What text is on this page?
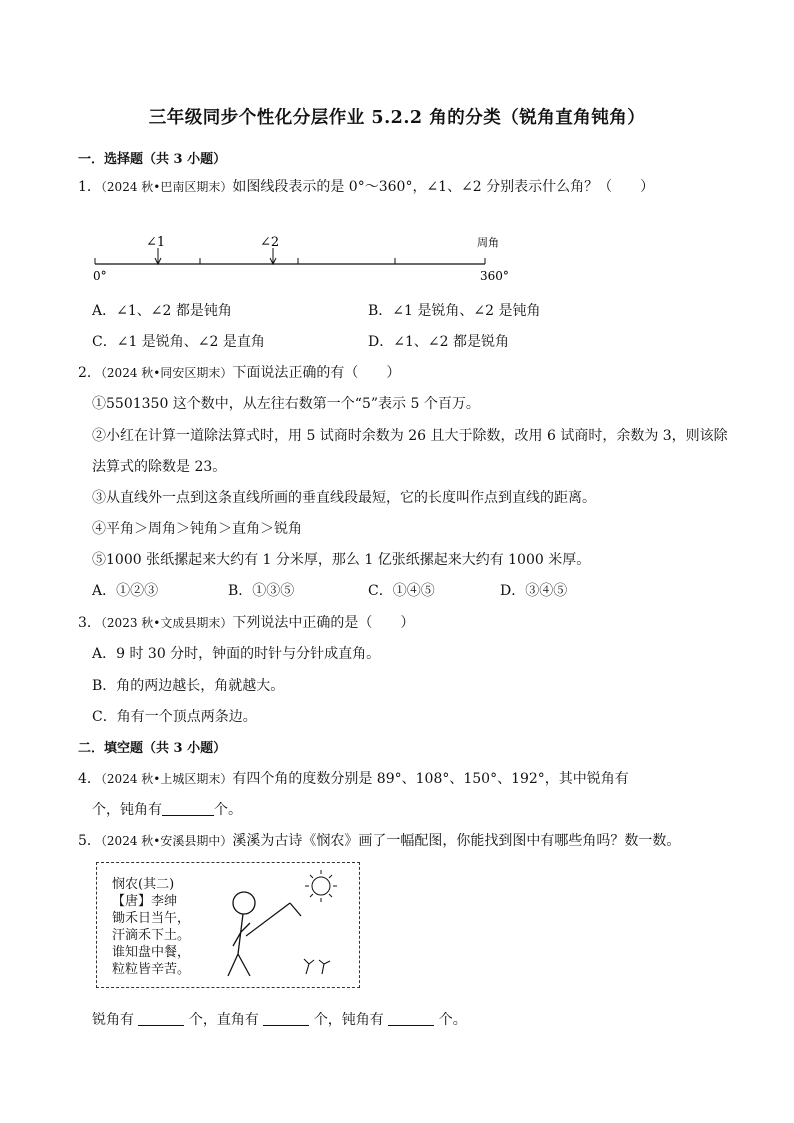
三年级同步个性化分层作业 5.2.2 角的分类（锐角直角钝角）
一．选择题（共 3 小题）
1．（2024 秋•巴南区期末）如图线段表示的是 0°～360°，∠1、∠2 分别表示什么角？（　　）
∠1	∠2	周角
0°	360°
A．∠1、∠2 都是钝角	B．∠1 是锐角、∠2 是钝角
C．∠1 是锐角、∠2 是直角	D．∠1、∠2 都是锐角
2．（2024 秋•同安区期末）下面说法正确的有（　　）
①5501350 这个数中，从左往右数第一个“5”表示 5 个百万。
②小红在计算一道除法算式时，用 5 试商时余数为 26 且大于除数，改用 6 试商时，余数为 3，则该除
法算式的除数是 23。
③从直线外一点到这条直线所画的垂直线段最短，它的长度叫作点到直线的距离。
④平角＞周角＞钝角＞直角＞锐角
⑤1000 张纸摞起来大约有 1 分米厚，那么 1 亿张纸摞起来大约有 1000 米厚。
A．①②③	B．①③⑤	C．①④⑤	D．③④⑤
3．（2023 秋•文成县期末）下列说法中正确的是（　　）
A．9 时 30 分时，钟面的时针与分针成直角。
B．角的两边越长，角就越大。
C．角有一个顶点两条边。
二．填空题（共 3 小题）
4．（2024 秋•上城区期末）有四个角的度数分别是 89°、108°、150°、192°，其中锐角有
个，钝角有	个。
5．（2024 秋•安溪县期中）溪溪为古诗《悯农》画了一幅配图，你能找到图中有哪些角吗？数一数。
悯农(其二)
【唐】李绅
锄禾日当午，
汗滴禾下土。
谁知盘中餐，
粒粒皆辛苦。
锐角有	个，直角有	个，钝角有	个。
